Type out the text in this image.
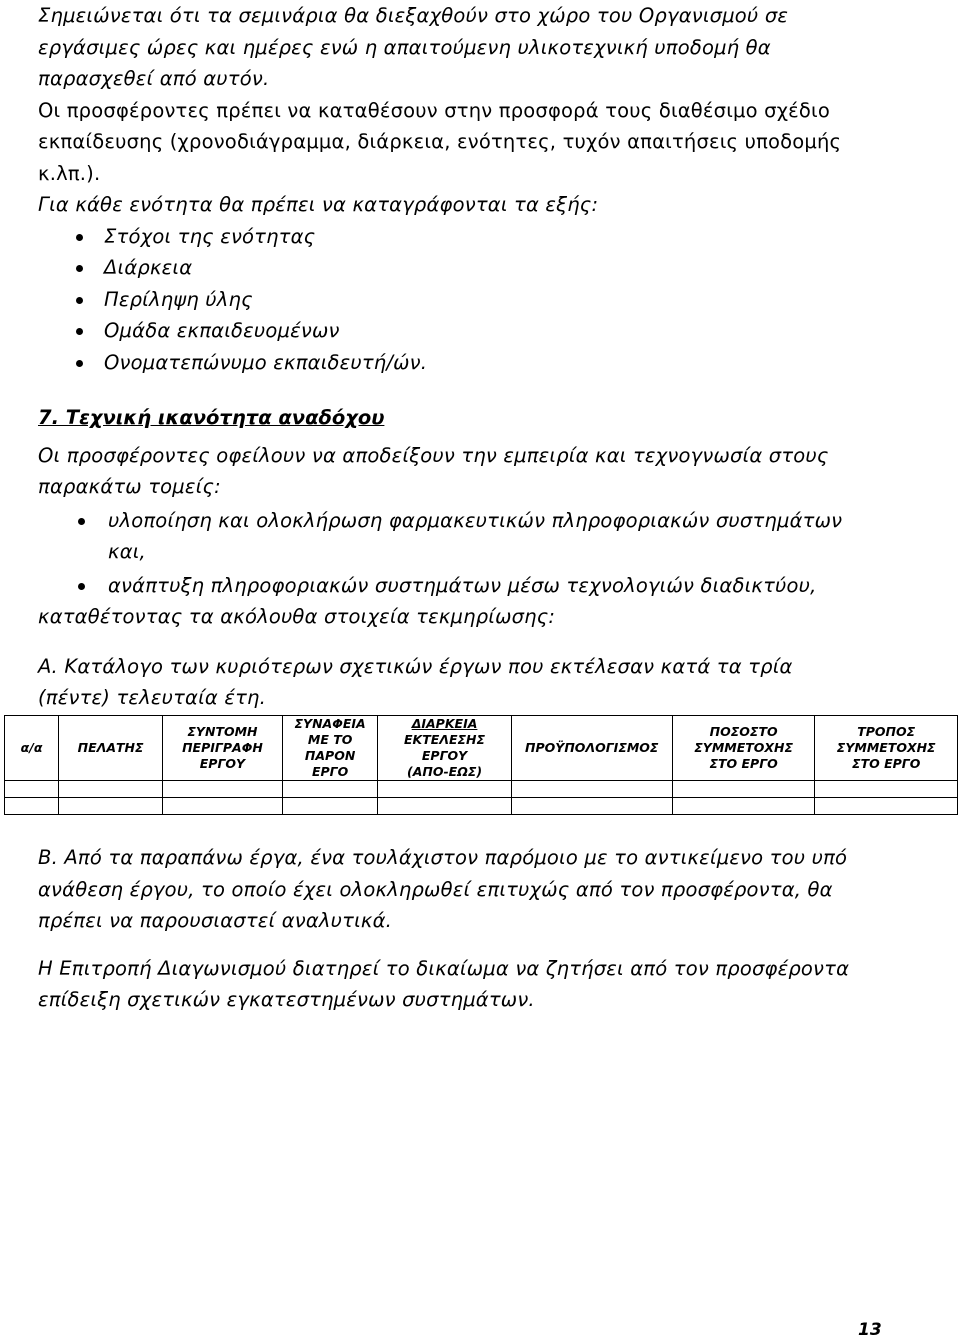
Σημειώνεται ότι τα σεμινάρια θα διεξαχθούν στο χώρο του Οργανισμού σε

εργάσιμες ώρες και ημέρες ενώ η απαιτούμενη υλικοτεχνική υποδομή θα

παρασχεθεί από αυτόν.

Οι προσφέροντες πρέπει να καταθέσουν στην προσφορά τους διαθέσιμο σχέδιο

εκπαίδευσης (χρονοδιάγραμμα, διάρκεια, ενότητες, τυχόν απαιτήσεις υποδομής

κ.λπ.).

Για κάθε ενότητα θα πρέπει να καταγράφονται τα εξής:

Στόχοι της ενότητας
Διάρκεια
Περίληψη ύλης
Ομάδα εκπαιδευομένων
Ονοματεπώνυμο εκπαιδευτή/ών.

7. Τεχνική ικανότητα αναδόχου

Οι προσφέροντες οφείλουν να αποδείξουν την εμπειρία και τεχνογνωσία στους

παρακάτω τομείς:

υλοποίηση και ολοκλήρωση φαρμακευτικών πληροφοριακών συστημάτων
και,
ανάπτυξη πληροφοριακών συστημάτων μέσω τεχνολογιών διαδικτύου,

καταθέτοντας τα ακόλουθα στοιχεία τεκμηρίωσης:

Α. Κατάλογο των κυριότερων σχετικών έργων που εκτέλεσαν κατά τα τρία

(πέντε) τελευταία έτη.

α/α	ΠΕΛΑΤΗΣ	ΣΥΝΤΟΜΗ
ΠΕΡΙΓΡΑΦΗ
ΕΡΓΟΥ	ΣΥΝΑΦΕΙΑ
ΜΕ ΤΟ
ΠΑΡΟΝ
ΕΡΓΟ	ΔΙΑΡΚΕΙΑ
ΕΚΤΕΛΕΣΗΣ
ΕΡΓΟΥ
(ΑΠΟ-ΕΩΣ)	ΠΡΟΫΠΟΛΟΓΙΣΜΟΣ	ΠΟΣΟΣΤΟ
ΣΥΜΜΕΤΟΧΗΣ
ΣΤΟ ΕΡΓΟ	ΤΡΟΠΟΣ
ΣΥΜΜΕΤΟΧΗΣ
ΣΤΟ ΕΡΓΟ

Β. Από τα παραπάνω έργα, ένα τουλάχιστον παρόμοιο με το αντικείμενο του υπό

ανάθεση έργου, το οποίο έχει ολοκληρωθεί επιτυχώς από τον προσφέροντα, θα

πρέπει να παρουσιαστεί αναλυτικά.

Η Επιτροπή Διαγωνισμού διατηρεί το δικαίωμα να ζητήσει από τον προσφέροντα

επίδειξη σχετικών εγκατεστημένων συστημάτων.

13
